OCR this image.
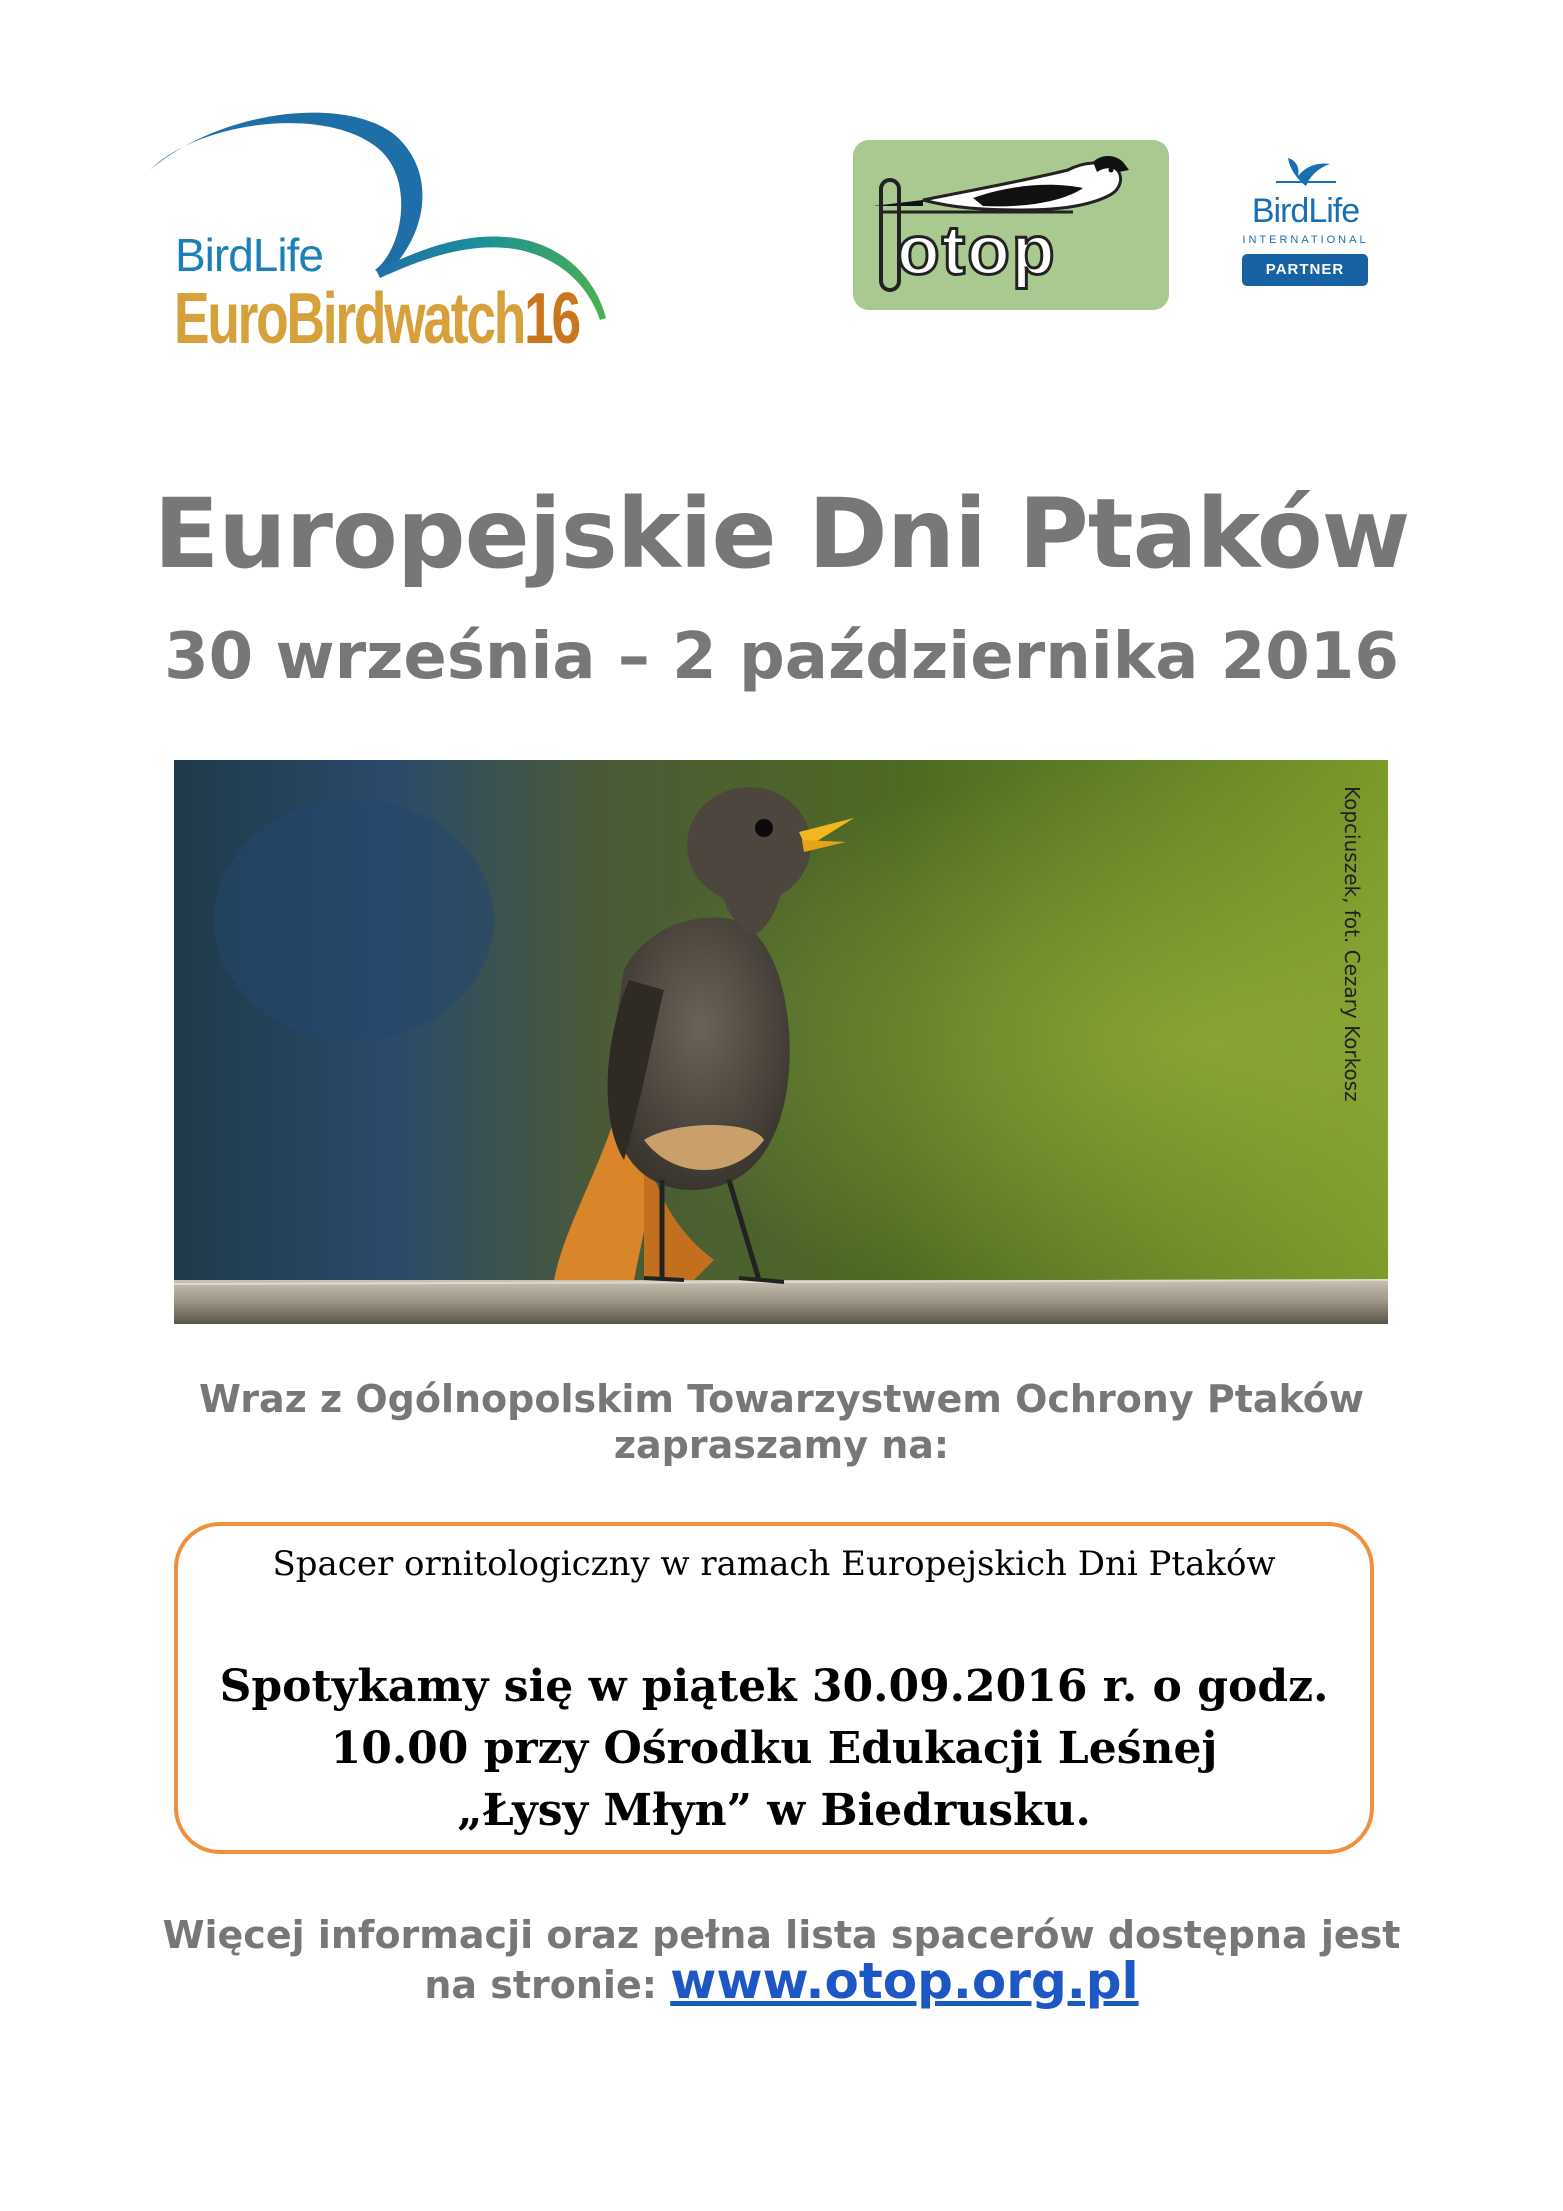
BirdLife
EuroBirdwatch16
otop	BirdLife
INTERNATIONAL
PARTNER
Europejskie Dni Ptaków
30 września – 2 października 2016
Kopciuszek, fot. Cezary Korkosz
Wraz z Ogólnopolskim Towarzystwem Ochrony Ptaków
zapraszamy na:
Spacer ornitologiczny w ramach Europejskich Dni Ptaków
Spotykamy się w piątek 30.09.2016 r. o godz.
10.00 przy Ośrodku Edukacji Leśnej
„Łysy Młyn” w Biedrusku.
Więcej informacji oraz pełna lista spacerów dostępna jest
na stronie: www.otop.org.pl
